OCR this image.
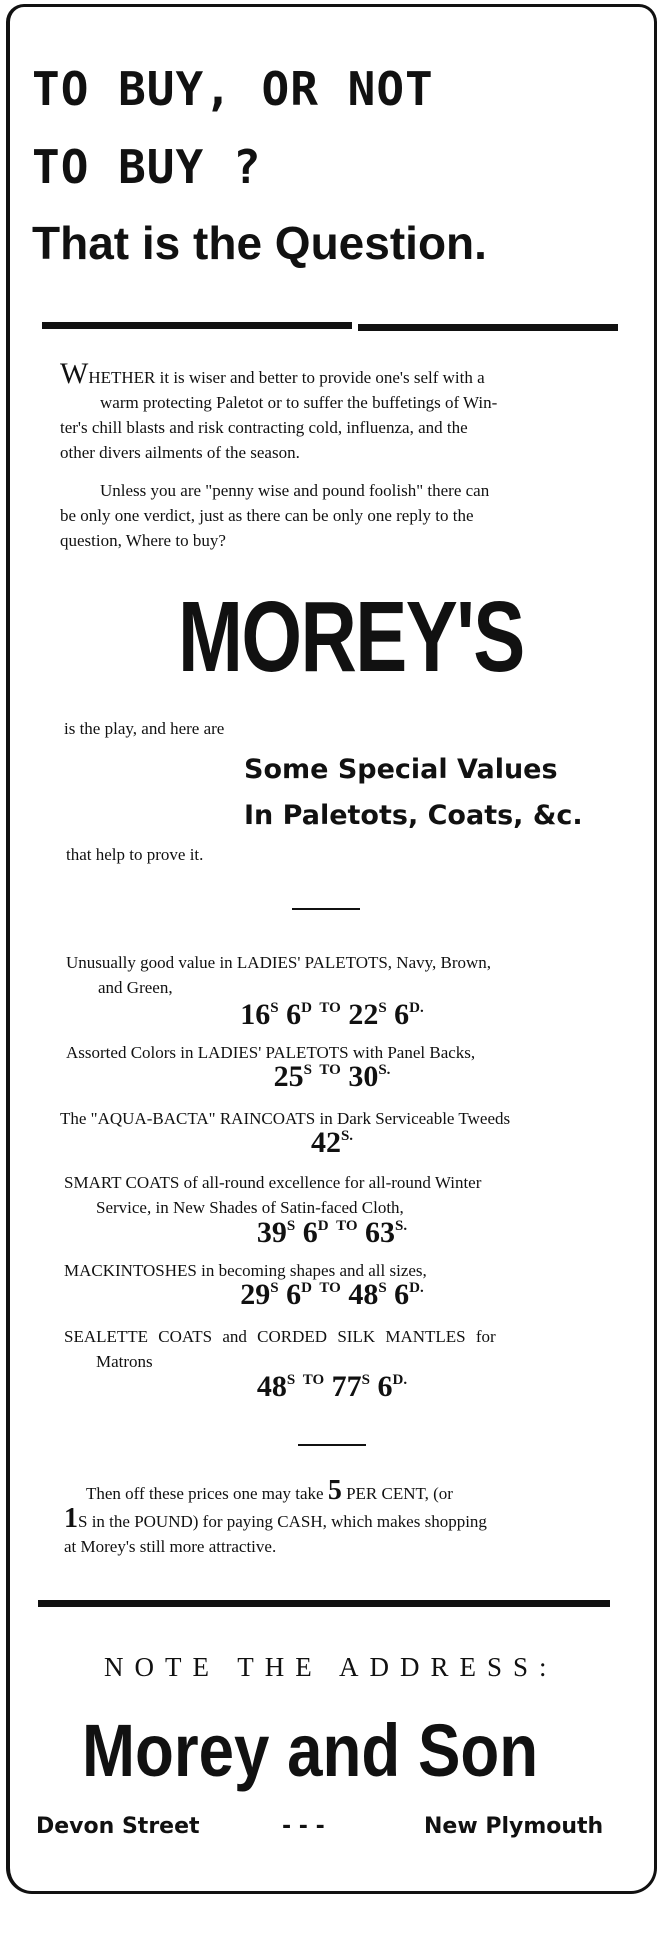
TO BUY, OR NOT
TO BUY ?
That is the Question.
WHETHER it is wiser and better to provide one's self with a
warm protecting Paletot or to suffer the buffetings of Win-
ter's chill blasts and risk contracting cold, influenza, and the
other divers ailments of the season.
Unless you are "penny wise and pound foolish" there can
be only one verdict, just as there can be only one reply to the
question, Where to buy?
MOREY'S
is the play, and here are
Some Special Values
In Paletots, Coats, &c.
that help to prove it.
Unusually good value in LADIES' PALETOTS, Navy, Brown,
and Green,
$16^S$ $6^D$ $^{TO}$ $22^S$ $6^{D.}$
Assorted Colors in LADIES' PALETOTS with Panel Backs,
$25^S$ $^{TO}$ $30^{S.}$
The "AQUA-BACTA" RAINCOATS in Dark Serviceable Tweeds
$42^{S.}$
SMART COATS of all-round excellence for all-round Winter
Service, in New Shades of Satin-faced Cloth,
$39^S$ $6^D$ $^{TO}$ $63^{S.}$
MACKINTOSHES in becoming shapes and all sizes,
$29^S$ $6^D$ $^{TO}$ $48^S$ $6^{D.}$
SEALETTE COATS and CORDED SILK MANTLES for
Matrons
$48^S$ $^{TO}$ $77^S$ $6^{D.}$
Then off these prices one may take 5 PER CENT, (or
1S in the POUND) for paying CASH, which makes shopping
at Morey's still more attractive.
NOTE THE ADDRESS:
Morey and Son
Devon Street	- - -	New Plymouth
